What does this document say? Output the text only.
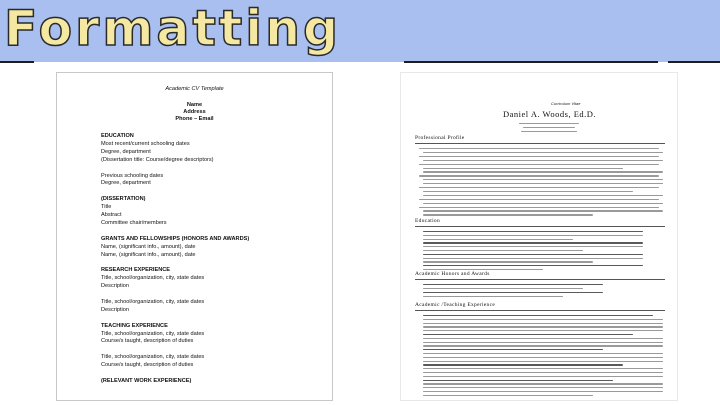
Formatting
Academic CV Template
Name
Address
Phone – Email
EDUCATION
Most recent/current schooling dates
Degree, department
(Dissertation title: Course/degree descriptors)
Previous schooling dates
Degree, department
(DISSERTATION)
Title
Abstract
Committee chair/members
GRANTS AND FELLOWSHIPS (HONORS AND AWARDS)
Name, (significant info., amount), date
Name, (significant info., amount), date
RESEARCH EXPERIENCE
Title, school/organization, city, state dates
Description
Title, school/organization, city, state dates
Description
TEACHING EXPERIENCE
Title, school/organization, city, state dates
Course/s taught, description of duties
Title, school/organization, city, state dates
Course/s taught, description of duties
(RELEVANT WORK EXPERIENCE)
Curriculum Vitae
Daniel A. Woods, Ed.D.
Professional Profile
Education
Academic Honors and Awards
Academic /Teaching Experience
